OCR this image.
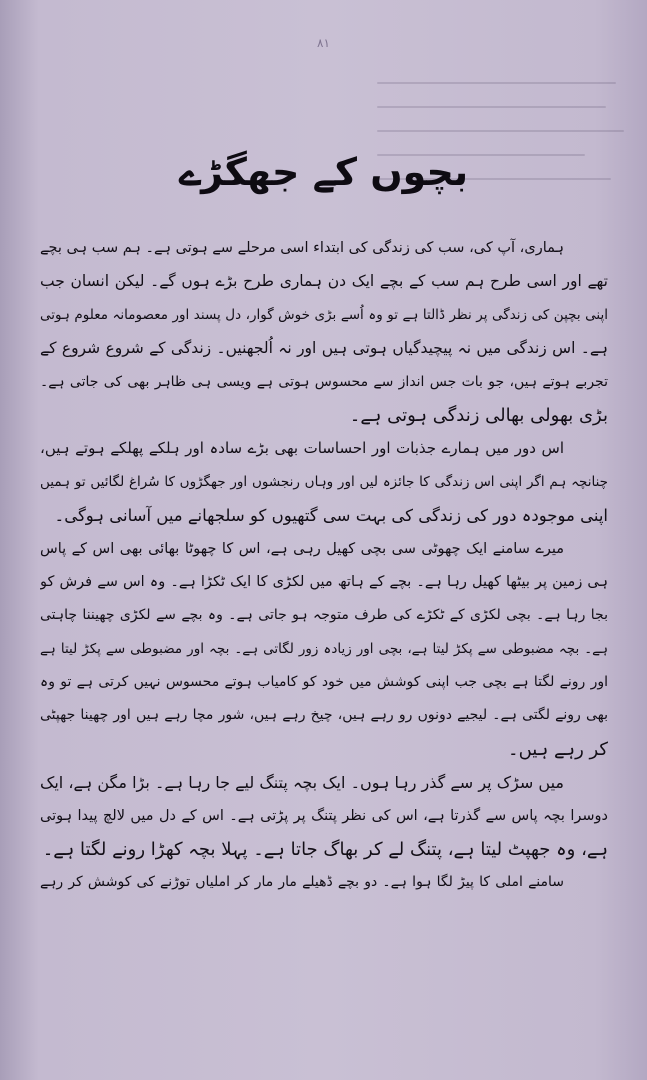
۸۱
بچوں کے جھگڑے
ہماری، آپ کی، سب کی زندگی کی ابتداء اسی مرحلے سے ہوتی ہے۔ ہم سب ہی بچے
تھے اور اسی طرح ہم سب کے بچے ایک دن ہماری طرح بڑے ہوں گے۔ لیکن انسان جب
اپنی بچپن کی زندگی پر نظر ڈالتا ہے تو وہ اُسے بڑی خوش گوار، دل پسند اور معصومانہ معلوم ہوتی
ہے۔ اس زندگی میں نہ پیچیدگیاں ہوتی ہیں اور نہ اُلجھنیں۔ زندگی کے شروع شروع کے
تجربے ہوتے ہیں، جو بات جس انداز سے محسوس ہوتی ہے ویسی ہی ظاہر بھی کی جاتی ہے۔
بڑی بھولی بھالی زندگی ہوتی ہے۔
اس دور میں ہمارے جذبات اور احساسات بھی بڑے سادہ اور ہلکے پھلکے ہوتے ہیں،
چنانچہ ہم اگر اپنی اس زندگی کا جائزہ لیں اور وہاں رنجشوں اور جھگڑوں کا سُراغ لگائیں تو ہمیں
اپنی موجودہ دور کی زندگی کی بہت سی گتھیوں کو سلجھانے میں آسانی ہوگی۔
میرے سامنے ایک چھوٹی سی بچی کھیل رہی ہے، اس کا چھوٹا بھائی بھی اس کے پاس
ہی زمین پر بیٹھا کھیل رہا ہے۔ بچے کے ہاتھ میں لکڑی کا ایک ٹکڑا ہے۔ وہ اس سے فرش کو
بجا رہا ہے۔ بچی لکڑی کے ٹکڑے کی طرف متوجہ ہو جاتی ہے۔ وہ بچے سے لکڑی چھیننا چاہتی
ہے۔ بچہ مضبوطی سے پکڑ لیتا ہے، بچی اور زیادہ زور لگاتی ہے۔ بچہ اور مضبوطی سے پکڑ لیتا ہے
اور رونے لگتا ہے بچی جب اپنی کوشش میں خود کو کامیاب ہوتے محسوس نہیں کرتی ہے تو وہ
بھی رونے لگتی ہے۔ لیجیے دونوں رو رہے ہیں، چیخ رہے ہیں، شور مچا رہے ہیں اور چھینا جھپٹی
کر رہے ہیں۔
میں سڑک پر سے گذر رہا ہوں۔ ایک بچہ پتنگ لیے جا رہا ہے۔ بڑا مگن ہے، ایک
دوسرا بچہ پاس سے گذرتا ہے، اس کی نظر پتنگ پر پڑتی ہے۔ اس کے دل میں لالچ پیدا ہوتی
ہے، وہ جھپٹ لیتا ہے، پتنگ لے کر بھاگ جاتا ہے۔ پہلا بچہ کھڑا رونے لگتا ہے۔
سامنے املی کا پیڑ لگا ہوا ہے۔ دو بچے ڈھیلے مار مار کر املیاں توڑنے کی کوشش کر رہے
